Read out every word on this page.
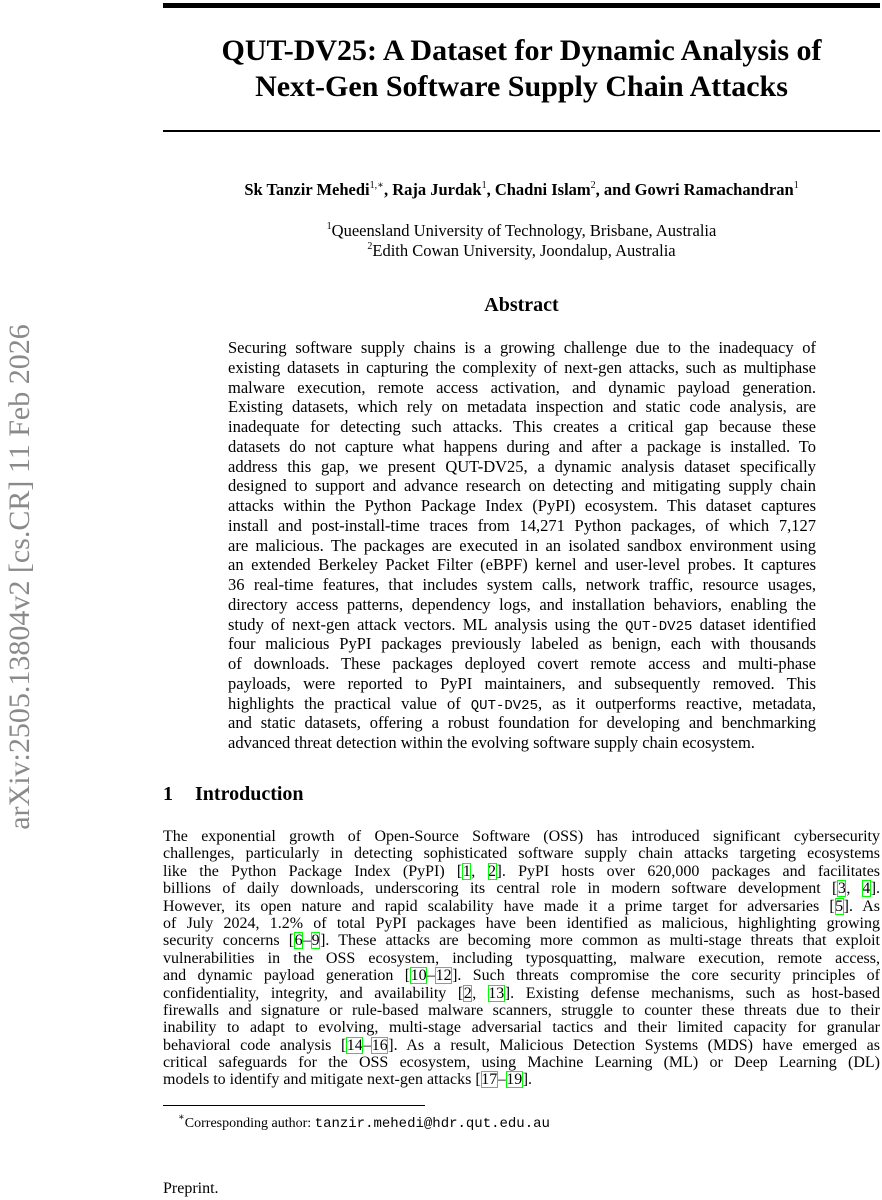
arXiv:2505.13804v2 [cs.CR] 11 Feb 2026
QUT-DV25: A Dataset for Dynamic Analysis of
Next-Gen Software Supply Chain Attacks
Sk Tanzir Mehedi$^{1,∗}$, Raja Jurdak$^1$, Chadni Islam$^2$, and Gowri Ramachandran$^1$
$^1$Queensland University of Technology, Brisbane, Australia
$^2$Edith Cowan University, Joondalup, Australia
Abstract
Securing software supply chains is a growing challenge due to the inadequacy of
existing datasets in capturing the complexity of next-gen attacks, such as multiphase
malware execution, remote access activation, and dynamic payload generation.
Existing datasets, which rely on metadata inspection and static code analysis, are
inadequate for detecting such attacks. This creates a critical gap because these
datasets do not capture what happens during and after a package is installed. To
address this gap, we present QUT-DV25, a dynamic analysis dataset specifically
designed to support and advance research on detecting and mitigating supply chain
attacks within the Python Package Index (PyPI) ecosystem. This dataset captures
install and post-install-time traces from 14,271 Python packages, of which 7,127
are malicious. The packages are executed in an isolated sandbox environment using
an extended Berkeley Packet Filter (eBPF) kernel and user-level probes. It captures
36 real-time features, that includes system calls, network traffic, resource usages,
directory access patterns, dependency logs, and installation behaviors, enabling the
study of next-gen attack vectors. ML analysis using the QUT-DV25 dataset identified
four malicious PyPI packages previously labeled as benign, each with thousands
of downloads. These packages deployed covert remote access and multi-phase
payloads, were reported to PyPI maintainers, and subsequently removed. This
highlights the practical value of QUT-DV25, as it outperforms reactive, metadata,
and static datasets, offering a robust foundation for developing and benchmarking
advanced threat detection within the evolving software supply chain ecosystem.
1 Introduction
The exponential growth of Open-Source Software (OSS) has introduced significant cybersecurity
challenges, particularly in detecting sophisticated software supply chain attacks targeting ecosystems
like the Python Package Index (PyPI) [1, 2]. PyPI hosts over 620,000 packages and facilitates
billions of daily downloads, underscoring its central role in modern software development [3, 4].
However, its open nature and rapid scalability have made it a prime target for adversaries [5]. As
of July 2024, 1.2% of total PyPI packages have been identified as malicious, highlighting growing
security concerns [6–9]. These attacks are becoming more common as multi-stage threats that exploit
vulnerabilities in the OSS ecosystem, including typosquatting, malware execution, remote access,
and dynamic payload generation [10–12]. Such threats compromise the core security principles of
confidentiality, integrity, and availability [2, 13]. Existing defense mechanisms, such as host-based
firewalls and signature or rule-based malware scanners, struggle to counter these threats due to their
inability to adapt to evolving, multi-stage adversarial tactics and their limited capacity for granular
behavioral code analysis [14–16]. As a result, Malicious Detection Systems (MDS) have emerged as
critical safeguards for the OSS ecosystem, using Machine Learning (ML) or Deep Learning (DL)
models to identify and mitigate next-gen attacks [17–19].
∗Corresponding author: tanzir.mehedi@hdr.qut.edu.au
Preprint.
